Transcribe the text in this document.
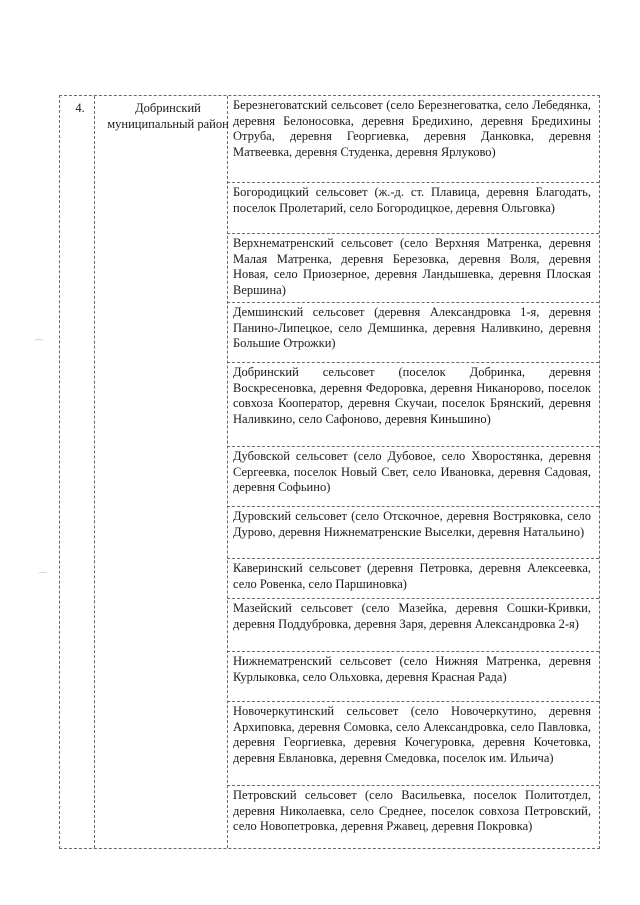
⌒
⌒
4.	Добринский муниципальный район
Березнеговатский сельсовет (село Березнеговатка, село Лебедянка, деревня Белоносовка, деревня Бредихино, деревня Бредихины Отруба, деревня Георгиевка, деревня Данковка, деревня Матвеевка, деревня Студенка, деревня Ярлуково)
Богородицкий сельсовет (ж.-д. ст. Плавица, деревня Благодать, поселок Пролетарий, село Богородицкое, деревня Ольговка)
Верхнематренский сельсовет (село Верхняя Матренка, деревня Малая Матренка, деревня Березовка, деревня Воля, деревня Новая, село Приозерное, деревня Ландышевка, деревня Плоская Вершина)
Демшинский сельсовет (деревня Александровка 1-я, деревня Панино-Липецкое, село Демшинка, деревня Наливкино, деревня Большие Отрожки)
Добринский сельсовет (поселок Добринка, деревня Воскресеновка, деревня Федоровка, деревня Никаноровo, поселок совхоза Кооператор, деревня Скучаи, поселок Брянский, деревня Наливкино, село Сафоново, деревня Киньшино)
Дубовской сельсовет (село Дубовое, село Хворостянка, деревня Сергеевка, поселок Новый Свет, село Ивановка, деревня Садовая, деревня Софьино)
Дуровский сельсовет (село Отскочное, деревня Востряковка, село Дурово, деревня Нижнематренские Выселки, деревня Натальино)
Каверинский сельсовет (деревня Петровка, деревня Алексеевка, село Ровенка, село Паршиновка)
Мазейский сельсовет (село Мазейка, деревня Сошки-Кривки, деревня Поддубровка, деревня Заря, деревня Александровка 2-я)
Нижнематренский сельсовет (село Нижняя Матренка, деревня Курлыковка, село Ольховка, деревня Красная Рада)
Новочеркутинский сельсовет (село Новочеркутино, деревня Архиповка, деревня Сомовка, село Александровка, село Павловка, деревня Георгиевка, деревня Кочегуровка, деревня Кочетовка, деревня Евлановка, деревня Смедовка, поселок им. Ильича)
Петровский сельсовет (село Васильевка, поселок Политотдел, деревня Николаевка, село Среднее, поселок совхоза Петровский, село Новопетровка, деревня Ржавец, деревня Покровка)
